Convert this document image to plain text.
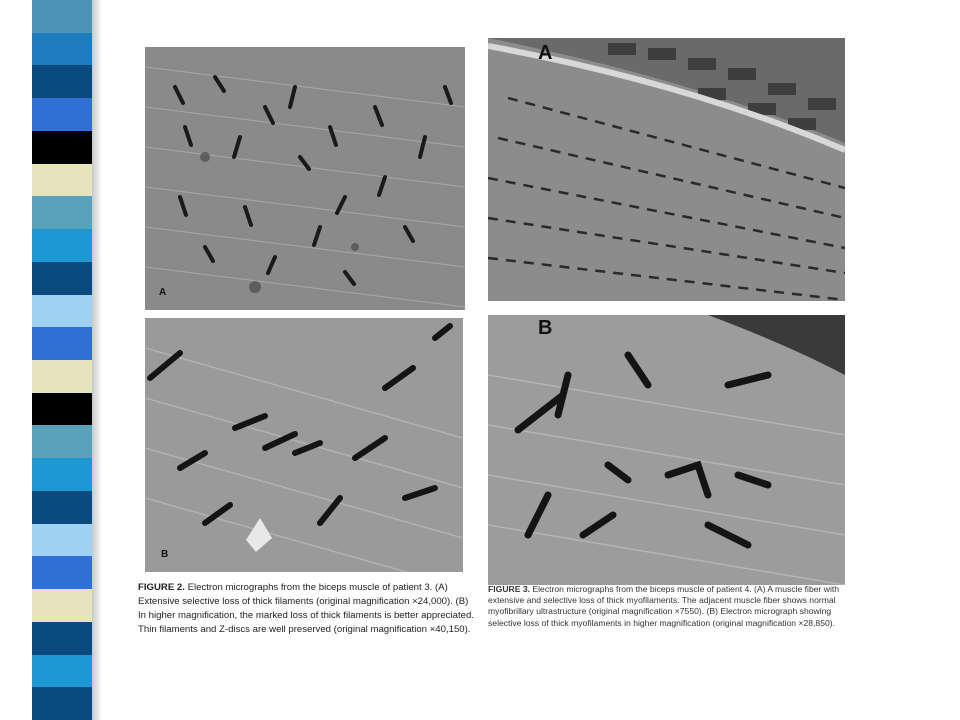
A
B
A
B
FIGURE 2. Electron micrographs from the biceps muscle of patient 3. (A) Extensive selective loss of thick filaments (original magnification ×24,000). (B) In higher magnification, the marked loss of thick filaments is better appreciated. Thin filaments and Z-discs are well preserved (original magnification ×40,150).
FIGURE 3. Electron micrographs from the biceps muscle of patient 4. (A) A muscle fiber with extensive and selective loss of thick myofilaments. The adjacent muscle fiber shows normal myofibrillary ultrastructure (original magnification ×7550). (B) Electron micrograph showing selective loss of thick myofilaments in higher magnification (original magnification ×28,850).
